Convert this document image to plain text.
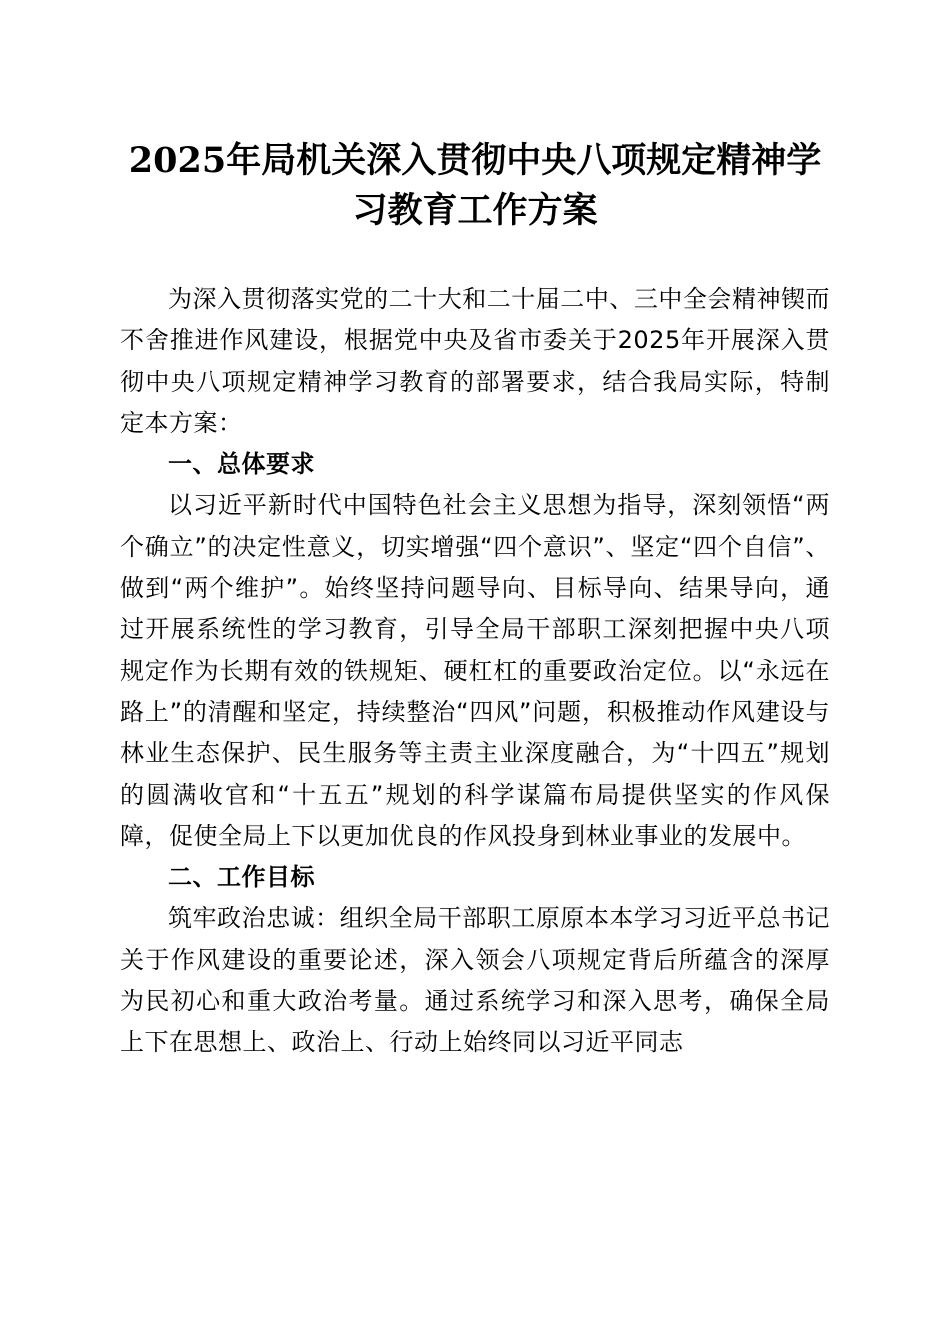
2025年局机关深入贯彻中央八项规定精神学习教育工作方案

为深入贯彻落实党的二十大和二十届二中、三中全会精神锲而不舍推进作风建设，根据党中央及省市委关于2025年开展深入贯彻中央八项规定精神学习教育的部署要求，结合我局实际，特制定本方案：

一、总体要求

以习近平新时代中国特色社会主义思想为指导，深刻领悟“两个确立”的决定性意义，切实增强“四个意识”、坚定“四个自信”、做到“两个维护”。始终坚持问题导向、目标导向、结果导向，通过开展系统性的学习教育，引导全局干部职工深刻把握中央八项规定作为长期有效的铁规矩、硬杠杠的重要政治定位。以“永远在路上”的清醒和坚定，持续整治“四风”问题，积极推动作风建设与林业生态保护、民生服务等主责主业深度融合，为“十四五”规划的圆满收官和“十五五”规划的科学谋篇布局提供坚实的作风保障，促使全局上下以更加优良的作风投身到林业事业的发展中。

二、工作目标

筑牢政治忠诚：组织全局干部职工原原本本学习习近平总书记关于作风建设的重要论述，深入领会八项规定背后所蕴含的深厚为民初心和重大政治考量。通过系统学习和深入思考，确保全局上下在思想上、政治上、行动上始终同以习近平同志
